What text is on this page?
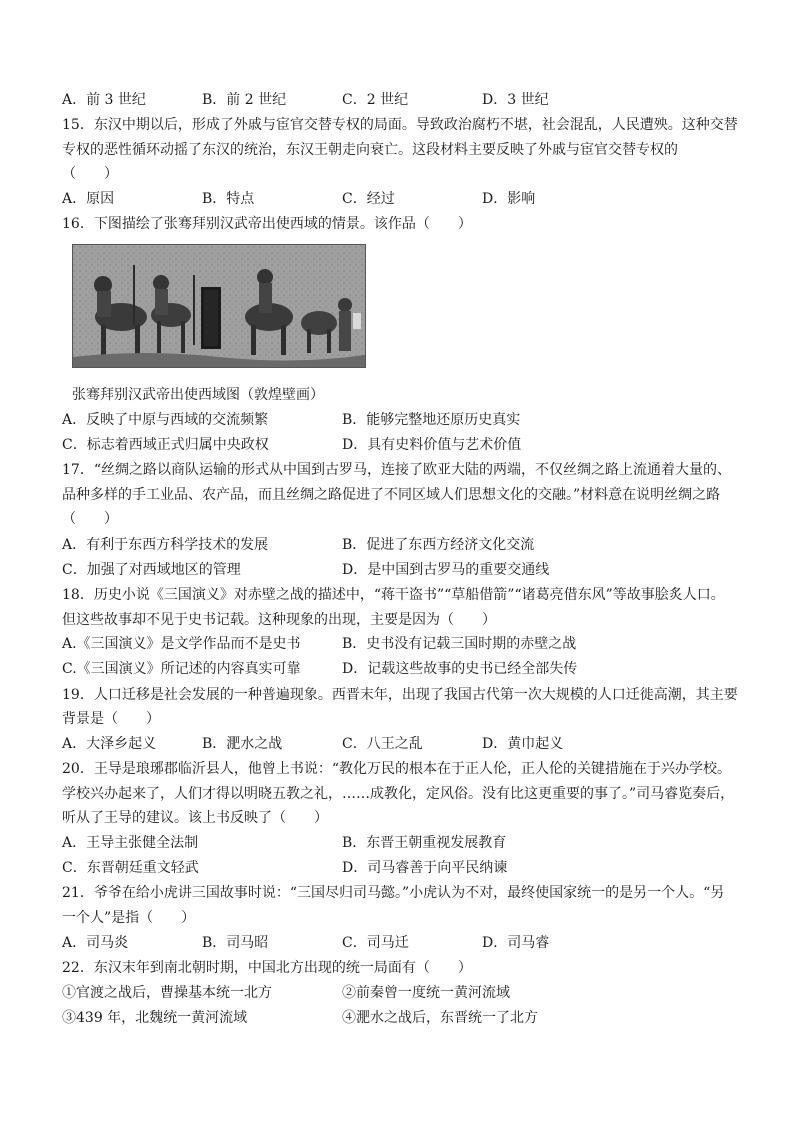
A．前 3 世纪	B．前 2 世纪	C．2 世纪	D．3 世纪
15．东汉中期以后，形成了外戚与宦官交替专权的局面。导致政治腐朽不堪，社会混乱，人民遭殃。这种交替
专权的恶性循环动摇了东汉的统治，东汉王朝走向衰亡。这段材料主要反映了外戚与宦官交替专权的
（　　）
A．原因	B．特点	C．经过	D．影响
16．下图描绘了张骞拜别汉武帝出使西域的情景。该作品（　　）
张骞拜别汉武帝出使西域图（敦煌壁画）
A．反映了中原与西域的交流频繁	B．能够完整地还原历史真实
C．标志着西域正式归属中央政权	D．具有史料价值与艺术价值
17．“丝绸之路以商队运输的形式从中国到古罗马，连接了欧亚大陆的两端，不仅丝绸之路上流通着大量的、
品种多样的手工业品、农产品，而且丝绸之路促进了不同区域人们思想文化的交融。”材料意在说明丝绸之路
（　　）
A．有利于东西方科学技术的发展	B．促进了东西方经济文化交流
C．加强了对西域地区的管理	D．是中国到古罗马的重要交通线
18．历史小说《三国演义》对赤壁之战的描述中，“蒋干盗书”“草船借箭”“诸葛亮借东风”等故事脍炙人口。
但这些故事却不见于史书记载。这种现象的出现，主要是因为（　　）
A.《三国演义》是文学作品而不是史书	B．史书没有记载三国时期的赤壁之战
C.《三国演义》所记述的内容真实可靠	D．记载这些故事的史书已经全部失传
19．人口迁移是社会发展的一种普遍现象。西晋末年，出现了我国古代第一次大规模的人口迁徙高潮，其主要
背景是（　　）
A．大泽乡起义	B．淝水之战	C．八王之乱	D．黄巾起义
20．王导是琅琊郡临沂县人，他曾上书说：“教化万民的根本在于正人伦，正人伦的关键措施在于兴办学校。
学校兴办起来了，人们才得以明晓五教之礼，……成教化，定风俗。没有比这更重要的事了。”司马睿览奏后，
听从了王导的建议。该上书反映了（　　）
A．王导主张健全法制	B．东晋王朝重视发展教育
C．东晋朝廷重文轻武	D．司马睿善于向平民纳谏
21．爷爷在给小虎讲三国故事时说：“三国尽归司马懿。”小虎认为不对，最终使国家统一的是另一个人。“另
一个人”是指（　　）
A．司马炎	B．司马昭	C．司马迁	D．司马睿
22．东汉末年到南北朝时期，中国北方出现的统一局面有（　　）
①官渡之战后，曹操基本统一北方	②前秦曾一度统一黄河流域
③439 年，北魏统一黄河流域	④淝水之战后，东晋统一了北方
